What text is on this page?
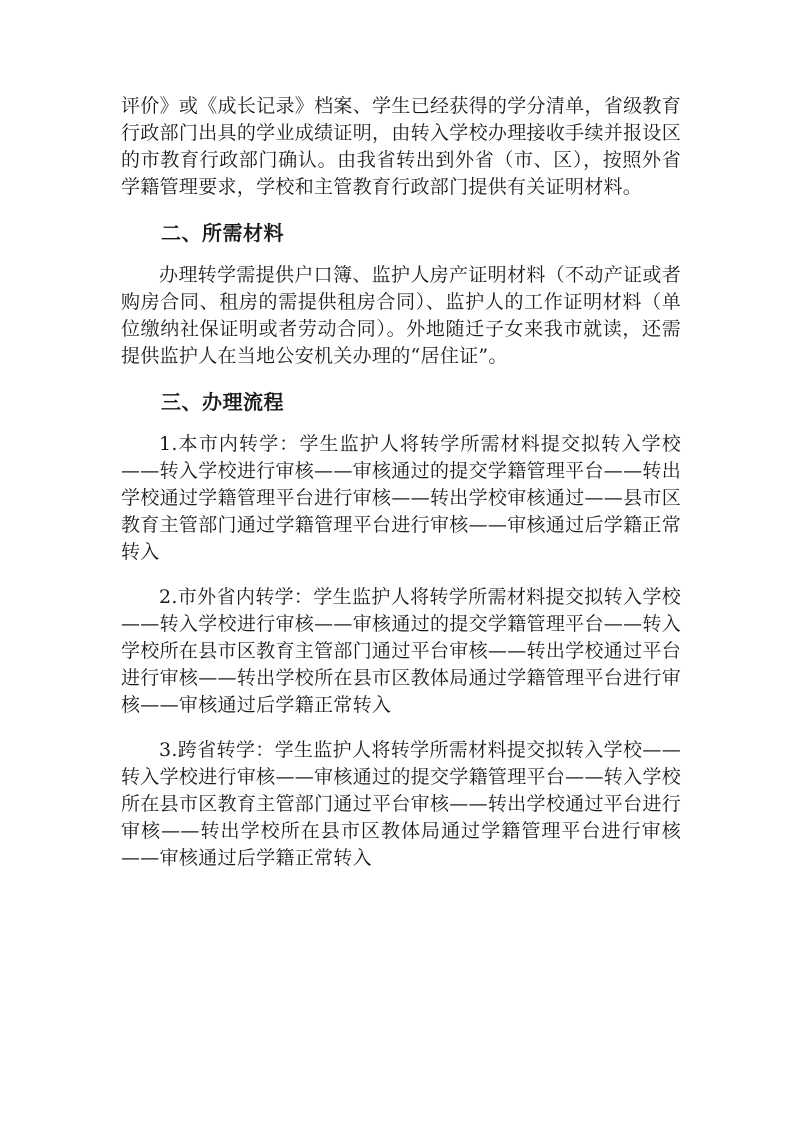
评价》或《成长记录》档案、学生已经获得的学分清单，省级教育行政部门出具的学业成绩证明，由转入学校办理接收手续并报设区的市教育行政部门确认。由我省转出到外省（市、区），按照外省学籍管理要求，学校和主管教育行政部门提供有关证明材料。

二、所需材料

办理转学需提供户口簿、监护人房产证明材料（不动产证或者购房合同、租房的需提供租房合同）、监护人的工作证明材料（单位缴纳社保证明或者劳动合同）。外地随迁子女来我市就读，还需提供监护人在当地公安机关办理的“居住证”。

三、办理流程

1.本市内转学：学生监护人将转学所需材料提交拟转入学校——转入学校进行审核——审核通过的提交学籍管理平台——转出学校通过学籍管理平台进行审核——转出学校审核通过——县市区教育主管部门通过学籍管理平台进行审核——审核通过后学籍正常转入

2.市外省内转学：学生监护人将转学所需材料提交拟转入学校——转入学校进行审核——审核通过的提交学籍管理平台——转入学校所在县市区教育主管部门通过平台审核——转出学校通过平台进行审核——转出学校所在县市区教体局通过学籍管理平台进行审核——审核通过后学籍正常转入

3.跨省转学：学生监护人将转学所需材料提交拟转入学校——转入学校进行审核——审核通过的提交学籍管理平台——转入学校所在县市区教育主管部门通过平台审核——转出学校通过平台进行审核——转出学校所在县市区教体局通过学籍管理平台进行审核——审核通过后学籍正常转入
